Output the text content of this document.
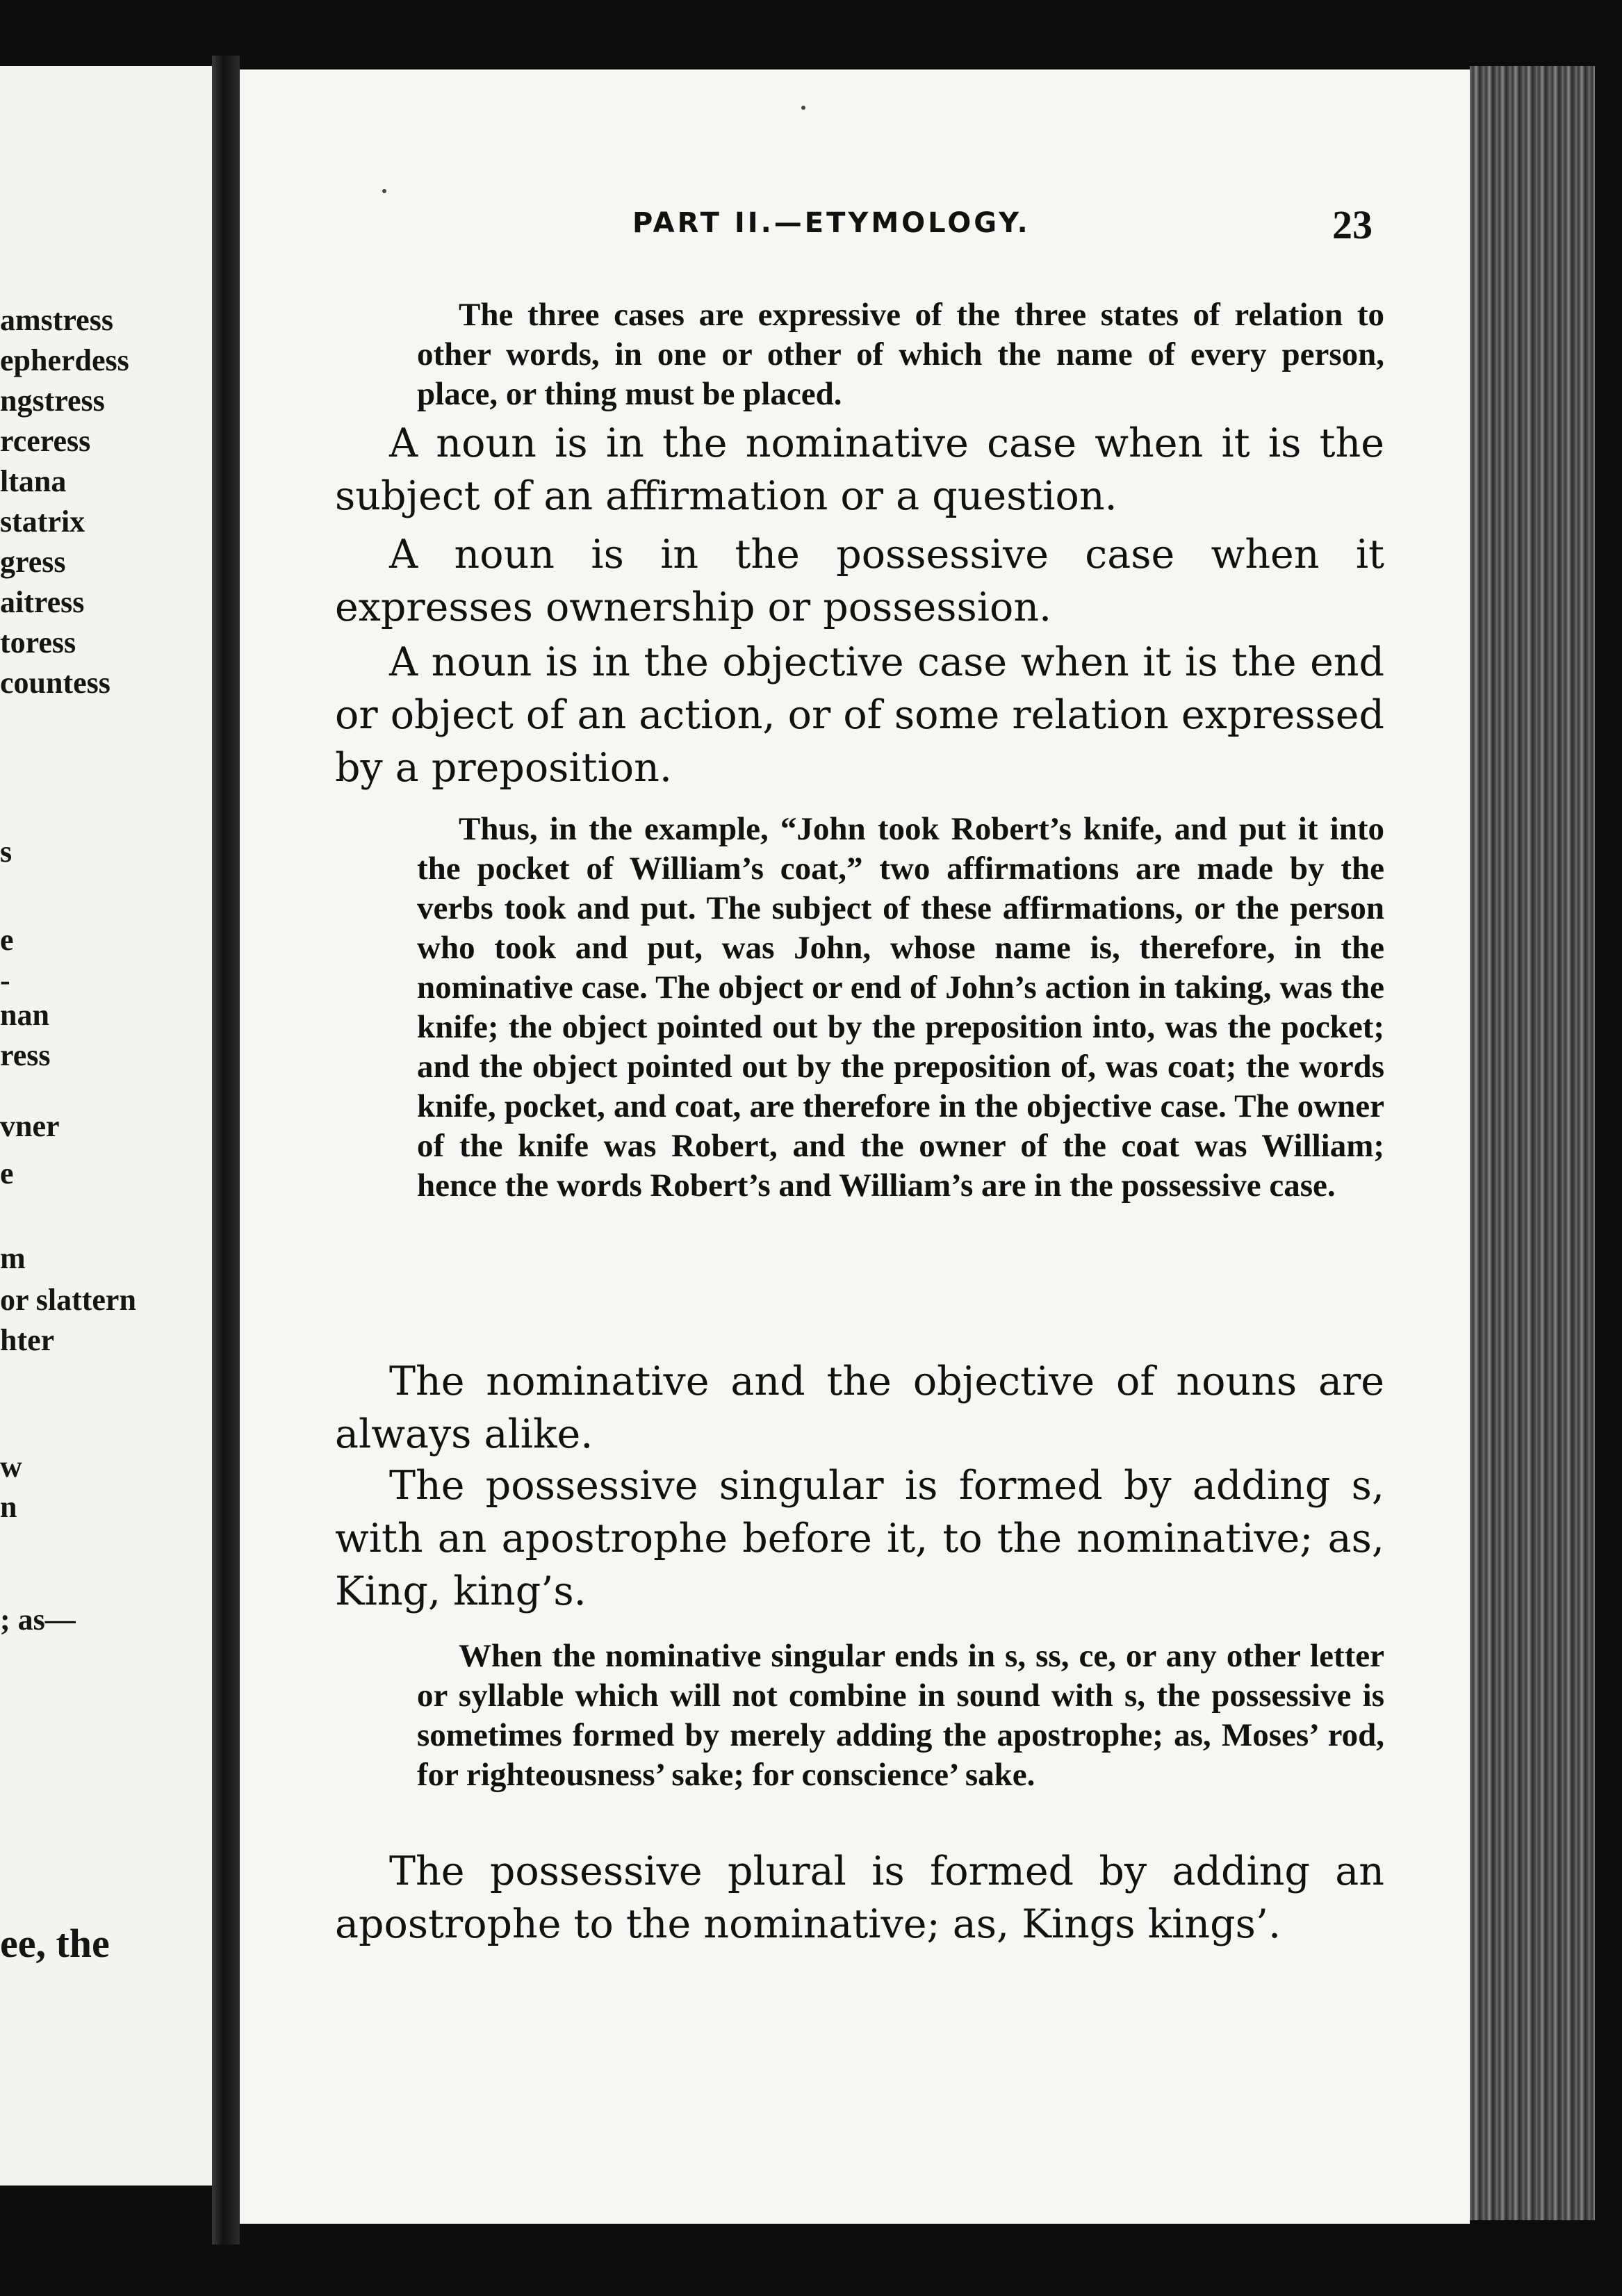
amstress
epherdess
ngstress
rceress
ltana
statrix
gress
aitress
toress
countess
s
e
-
nan
ress
vner
e
m
or slattern
hter
w
n
; as—
ee, the
PART II.—ETYMOLOGY.	23

The three cases are expressive of the three states of relation to other words, in one or other of which the name of every person, place, or thing must be placed.

A noun is in the nominative case when it is the subject of an affirmation or a question.

A noun is in the possessive case when it expresses ownership or possession.

A noun is in the objective case when it is the end or object of an action, or of some relation expressed by a preposition.

Thus, in the example, “John took Robert’s knife, and put it into the pocket of William’s coat,” two affirmations are made by the verbs took and put. The subject of these affirmations, or the person who took and put, was John, whose name is, therefore, in the nominative case. The object or end of John’s action in taking, was the knife; the object pointed out by the preposition into, was the pocket; and the object pointed out by the preposition of, was coat; the words knife, pocket, and coat, are therefore in the objective case. The owner of the knife was Robert, and the owner of the coat was William; hence the words Robert’s and William’s are in the possessive case.

The nominative and the objective of nouns are always alike.

The possessive singular is formed by adding s, with an apostrophe before it, to the nominative; as, King, king’s.

When the nominative singular ends in s, ss, ce, or any other letter or syllable which will not combine in sound with s, the possessive is sometimes formed by merely adding the apostrophe; as, Moses’ rod, for righteousness’ sake; for conscience’ sake.

The possessive plural is formed by adding an apostrophe to the nominative; as, Kings kings’.
